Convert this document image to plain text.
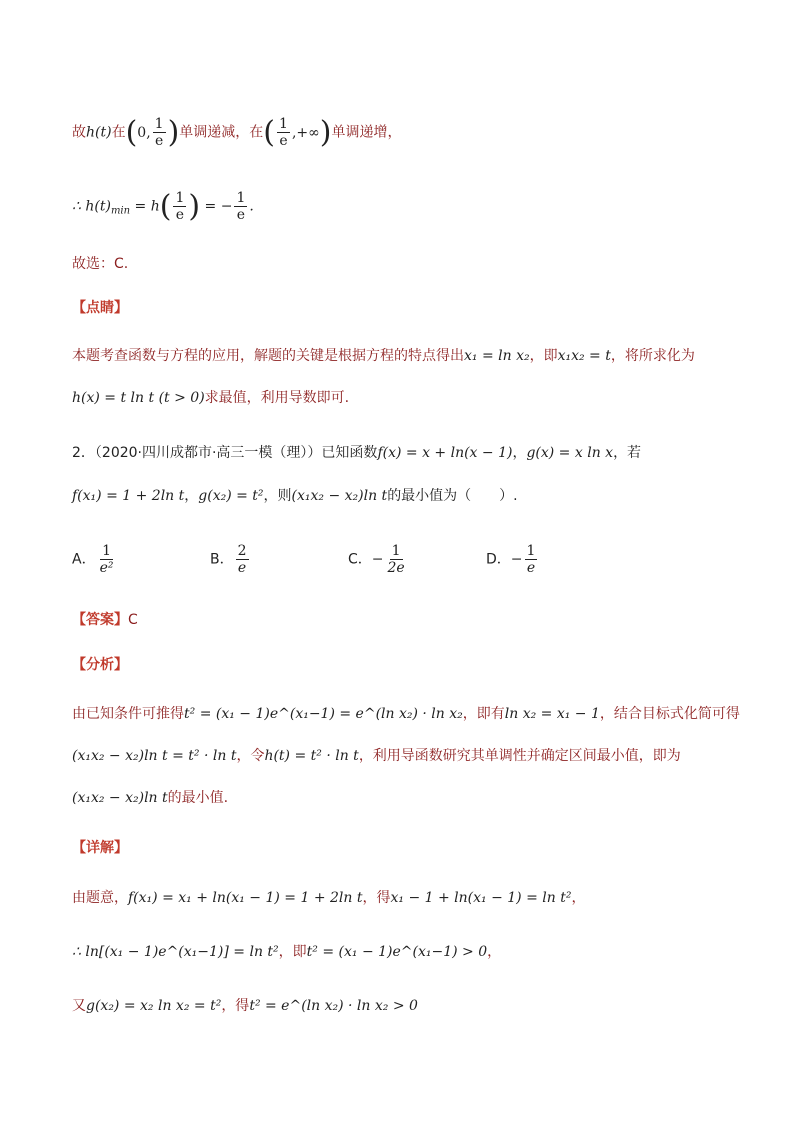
故h(t)在(0, $\frac{1}{e}$ )单调递减，在( $\frac{1}{e}$ ,+∞)单调递增，
∴ $h(t)_{min} = h( \frac{1}{e}$ ) = − $\frac{1}{e}$ .
故选：C.
【点睛】
本题考查函数与方程的应用，解题的关键是根据方程的特点得出x₁ = ln x₂，即x₁x₂ = t，将所求化为
h(x) = t ln t (t > 0)求最值，利用导数即可.
2．（2020·四川成都市·高三一模（理））已知函数f(x) = x + ln(x − 1)，g(x) = x ln x，若
f(x₁) = 1 + 2ln t，g(x₂) = t²，则(x₁x₂ − x₂)ln t的最小值为（　　）.
A． $\frac{1}{\text{e²}}$	B． $\frac{2}{e}$	C．− $\frac{1}{2e}$	D．− $\frac{1}{e}$
【答案】C
【分析】
由已知条件可推得t² = (x₁ − 1)e^(x₁−1) = e^(ln x₂) · ln x₂，即有ln x₂ = x₁ − 1，结合目标式化简可得
(x₁x₂ − x₂)ln t = t² · ln t，令h(t) = t² · ln t，利用导函数研究其单调性并确定区间最小值，即为
(x₁x₂ − x₂)ln t的最小值.
【详解】
由题意，f(x₁) = x₁ + ln(x₁ − 1) = 1 + 2ln t，得x₁ − 1 + ln(x₁ − 1) = ln t²，
∴ ln[(x₁ − 1)e^(x₁−1)] = ln t²，即t² = (x₁ − 1)e^(x₁−1) > 0，
又g(x₂) = x₂ ln x₂ = t²，得t² = e^(ln x₂) · ln x₂ > 0
